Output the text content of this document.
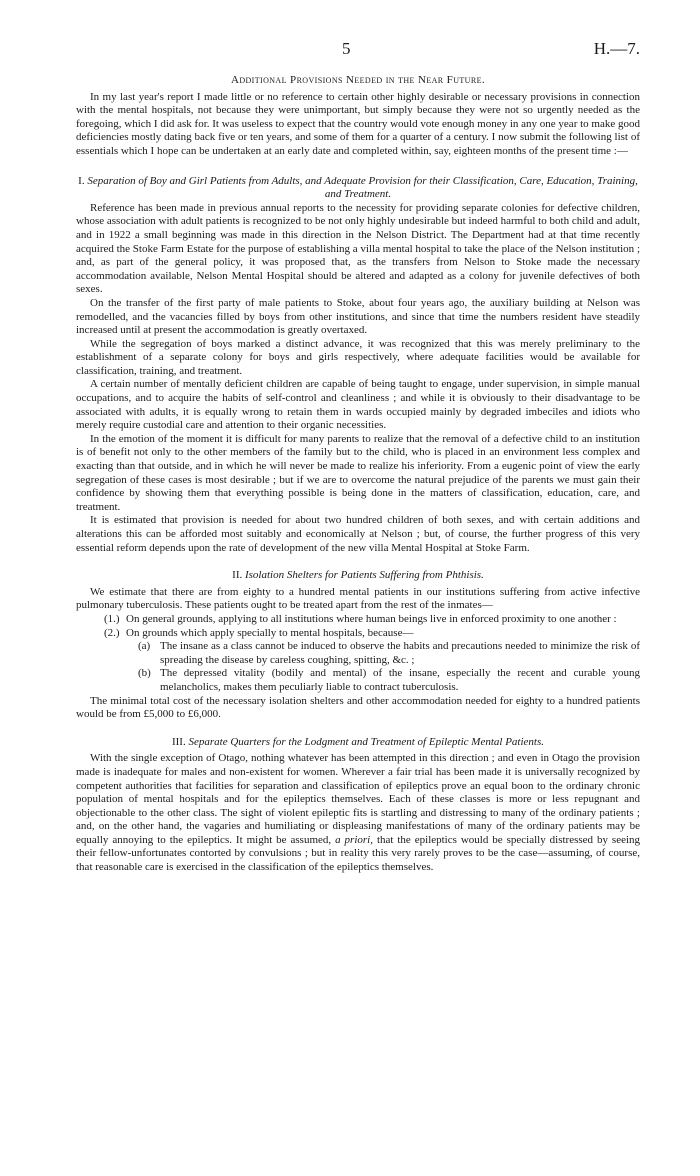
5	H.—7.
Additional Provisions Needed in the Near Future.

In my last year's report I made little or no reference to certain other highly desirable or necessary provisions in connection with the mental hospitals, not because they were unimportant, but simply because they were not so urgently needed as the foregoing, which I did ask for. It was useless to expect that the country would vote enough money in any one year to make good deficiencies mostly dating back five or ten years, and some of them for a quarter of a century. I now submit the following list of essentials which I hope can be undertaken at an early date and completed within, say, eighteen months of the present time :—

I. Separation of Boy and Girl Patients from Adults, and Adequate Provision for their Classification, Care, Education, Training, and Treatment.

Reference has been made in previous annual reports to the necessity for providing separate colonies for defective children, whose association with adult patients is recognized to be not only highly undesirable but indeed harmful to both child and adult, and in 1922 a small beginning was made in this direction in the Nelson District. The Department had at that time recently acquired the Stoke Farm Estate for the purpose of establishing a villa mental hospital to take the place of the Nelson institution ; and, as part of the general policy, it was proposed that, as the transfers from Nelson to Stoke made the necessary accommodation available, Nelson Mental Hospital should be altered and adapted as a colony for juvenile defectives of both sexes.

On the transfer of the first party of male patients to Stoke, about four years ago, the auxiliary building at Nelson was remodelled, and the vacancies filled by boys from other institutions, and since that time the numbers resident have steadily increased until at present the accommodation is greatly overtaxed.

While the segregation of boys marked a distinct advance, it was recognized that this was merely preliminary to the establishment of a separate colony for boys and girls respectively, where adequate facilities would be available for classification, training, and treatment.

A certain number of mentally deficient children are capable of being taught to engage, under supervision, in simple manual occupations, and to acquire the habits of self-control and cleanliness ; and while it is obviously to their disadvantage to be associated with adults, it is equally wrong to retain them in wards occupied mainly by degraded imbeciles and idiots who merely require custodial care and attention to their organic necessities.

In the emotion of the moment it is difficult for many parents to realize that the removal of a defective child to an institution is of benefit not only to the other members of the family but to the child, who is placed in an environment less complex and exacting than that outside, and in which he will never be made to realize his inferiority. From a eugenic point of view the early segregation of these cases is most desirable ; but if we are to overcome the natural prejudice of the parents we must gain their confidence by showing them that everything possible is being done in the matters of classification, education, care, and treatment.

It is estimated that provision is needed for about two hundred children of both sexes, and with certain additions and alterations this can be afforded most suitably and economically at Nelson ; but, of course, the further progress of this very essential reform depends upon the rate of development of the new villa Mental Hospital at Stoke Farm.

II. Isolation Shelters for Patients Suffering from Phthisis.

We estimate that there are from eighty to a hundred mental patients in our institutions suffering from active infective pulmonary tuberculosis. These patients ought to be treated apart from the rest of the inmates—

(1.) On general grounds, applying to all institutions where human beings live in enforced proximity to one another :
(2.) On grounds which apply specially to mental hospitals, because—
(a) The insane as a class cannot be induced to observe the habits and precautions needed to minimize the risk of spreading the disease by careless coughing, spitting, &c. ;
(b) The depressed vitality (bodily and mental) of the insane, especially the recent and curable young melancholics, makes them peculiarly liable to contract tuberculosis.

The minimal total cost of the necessary isolation shelters and other accommodation needed for eighty to a hundred patients would be from £5,000 to £6,000.

III. Separate Quarters for the Lodgment and Treatment of Epileptic Mental Patients.

With the single exception of Otago, nothing whatever has been attempted in this direction ; and even in Otago the provision made is inadequate for males and non-existent for women. Wherever a fair trial has been made it is universally recognized by competent authorities that facilities for separation and classification of epileptics prove an equal boon to the ordinary chronic population of mental hospitals and for the epileptics themselves. Each of these classes is more or less repugnant and objectionable to the other class. The sight of violent epileptic fits is startling and distressing to many of the ordinary patients ; and, on the other hand, the vagaries and humiliating or displeasing manifestations of many of the ordinary patients may be equally annoying to the epileptics. It might be assumed, a priori, that the epileptics would be specially distressed by seeing their fellow-unfortunates contorted by convulsions ; but in reality this very rarely proves to be the case—assuming, of course, that reasonable care is exercised in the classification of the epileptics themselves.
